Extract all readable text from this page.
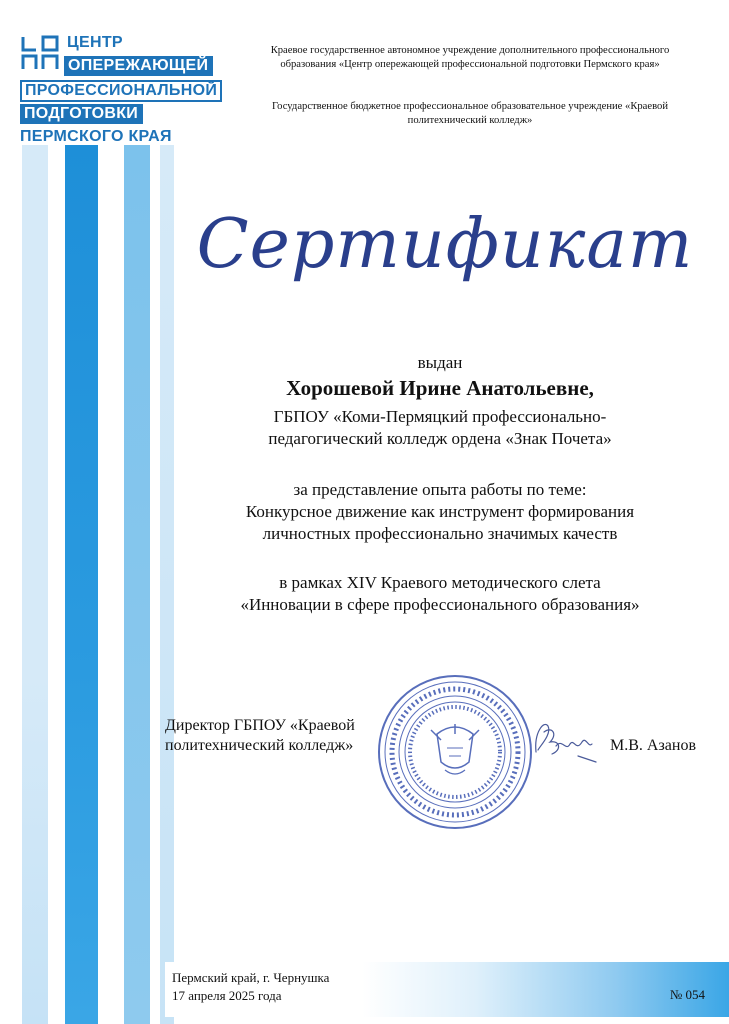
ЦЕНТР
ОПЕРЕЖАЮЩЕЙ
ПРОФЕССИОНАЛЬНОЙ
ПОДГОТОВКИ
ПЕРМСКОГО КРАЯ
Краевое государственное автономное учреждение дополнительного профессионального образования «Центр опережающей профессиональной подготовки Пермского края»
Государственное бюджетное профессиональное образовательное учреждение «Краевой политехнический колледж»
Сертификат
выдан
Хорошевой Ирине Анатольевне,
ГБПОУ «Коми-Пермяцкий профессионально-
педагогический колледж ордена «Знак Почета»
за представление опыта работы по теме:
Конкурсное движение как инструмент формирования
личностных профессионально значимых качеств
в рамках XIV Краевого методического слета
«Инновации в сфере профессионального образования»
Директор ГБПОУ «Краевой
политехнический колледж»	М.В. Азанов
Пермский край, г. Чернушка
17 апреля 2025 года	№ 054
